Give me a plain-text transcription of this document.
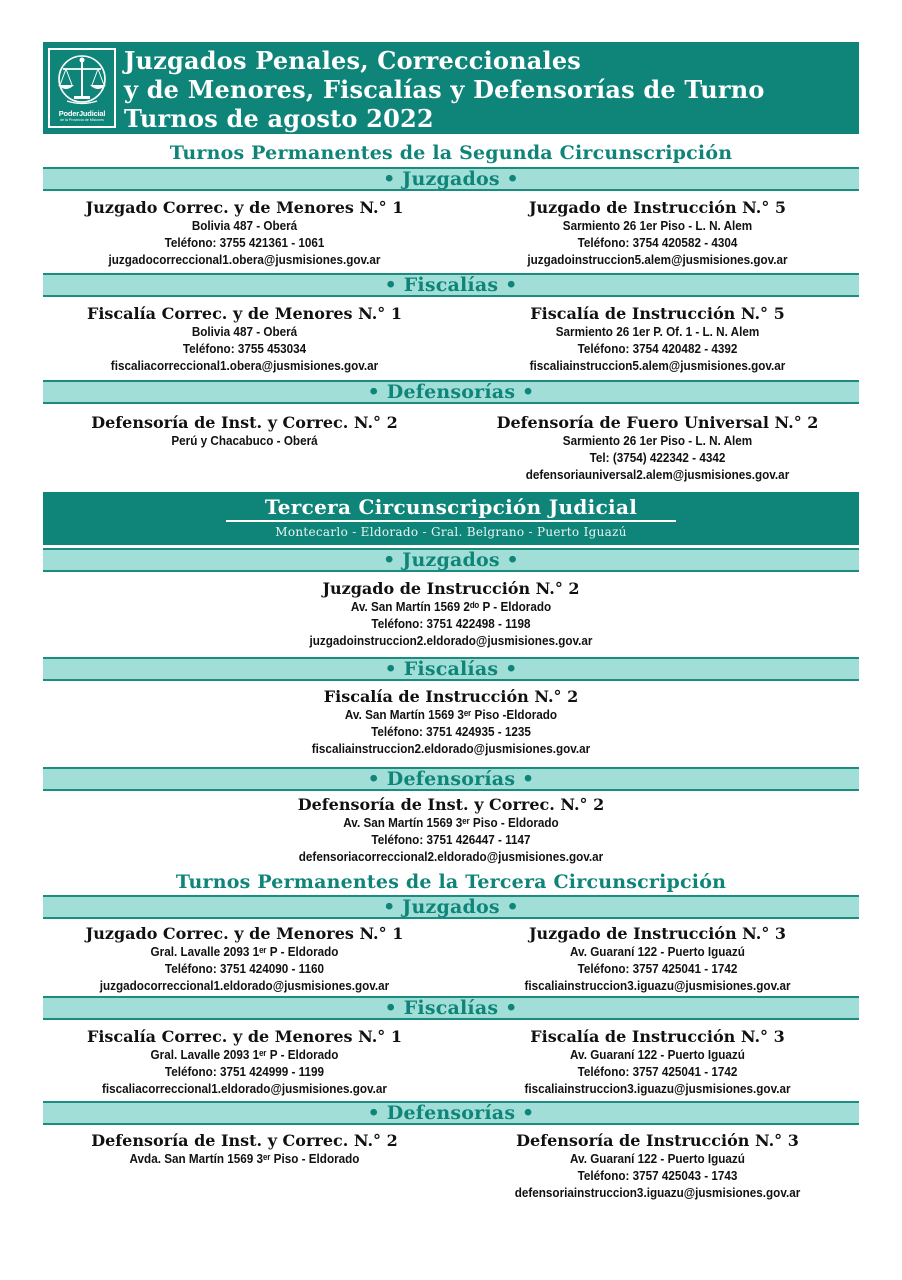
PoderJudicial
de la Provincia de Misiones
Juzgados Penales, Correccionales
y de Menores, Fiscalías y Defensorías de Turno
Turnos de agosto 2022
Turnos Permanentes de la Segunda Circunscripción
• Juzgados •
Juzgado Correc. y de Menores N.° 1
Bolivia 487 - Oberá
Teléfono: 3755 421361 - 1061
juzgadocorreccional1.obera@jusmisiones.gov.ar
Juzgado de Instrucción N.° 5
Sarmiento 26 1er Piso - L. N. Alem
Teléfono: 3754 420582 - 4304
juzgadoinstruccion5.alem@jusmisiones.gov.ar
• Fiscalías •
Fiscalía Correc. y de Menores N.° 1
Bolivia 487 - Oberá
Teléfono: 3755 453034
fiscaliacorreccional1.obera@jusmisiones.gov.ar
Fiscalía de Instrucción N.° 5
Sarmiento 26 1er P. Of. 1 - L. N. Alem
Teléfono: 3754 420482 - 4392
fiscaliainstruccion5.alem@jusmisiones.gov.ar
• Defensorías •
Defensoría de Inst. y Correc. N.° 2
Perú y Chacabuco - Oberá
Defensoría de Fuero Universal N.° 2
Sarmiento 26 1er Piso - L. N. Alem
Tel: (3754) 422342 - 4342
defensoriauniversal2.alem@jusmisiones.gov.ar
Tercera Circunscripción Judicial
Montecarlo - Eldorado - Gral. Belgrano - Puerto Iguazú
• Juzgados •
Juzgado de Instrucción N.° 2
Av. San Martín 1569 2ᵈᵒ P - Eldorado
Teléfono: 3751 422498 - 1198
juzgadoinstruccion2.eldorado@jusmisiones.gov.ar
• Fiscalías •
Fiscalía de Instrucción N.° 2
Av. San Martín 1569 3ᵉʳ Piso -Eldorado
Teléfono: 3751 424935 - 1235
fiscaliainstruccion2.eldorado@jusmisiones.gov.ar
• Defensorías •
Defensoría de Inst. y Correc. N.° 2
Av. San Martín 1569 3ᵉʳ Piso - Eldorado
Teléfono: 3751 426447 - 1147
defensoriacorreccional2.eldorado@jusmisiones.gov.ar
Turnos Permanentes de la Tercera Circunscripción
• Juzgados •
Juzgado Correc. y de Menores N.° 1
Gral. Lavalle 2093 1ᵉʳ P - Eldorado
Teléfono: 3751 424090 - 1160
juzgadocorreccional1.eldorado@jusmisiones.gov.ar
Juzgado de Instrucción N.° 3
Av. Guaraní 122 - Puerto Iguazú
Teléfono: 3757 425041 - 1742
fiscaliainstruccion3.iguazu@jusmisiones.gov.ar
• Fiscalías •
Fiscalía Correc. y de Menores N.° 1
Gral. Lavalle 2093 1ᵉʳ P - Eldorado
Teléfono: 3751 424999 - 1199
fiscaliacorreccional1.eldorado@jusmisiones.gov.ar
Fiscalía de Instrucción N.° 3
Av. Guaraní 122 - Puerto Iguazú
Teléfono: 3757 425041 - 1742
fiscaliainstruccion3.iguazu@jusmisiones.gov.ar
• Defensorías •
Defensoría de Inst. y Correc. N.° 2
Avda. San Martín 1569 3ᵉʳ Piso - Eldorado
Defensoría de Instrucción N.° 3
Av. Guaraní 122 - Puerto Iguazú
Teléfono: 3757 425043 - 1743
defensoriainstruccion3.iguazu@jusmisiones.gov.ar
